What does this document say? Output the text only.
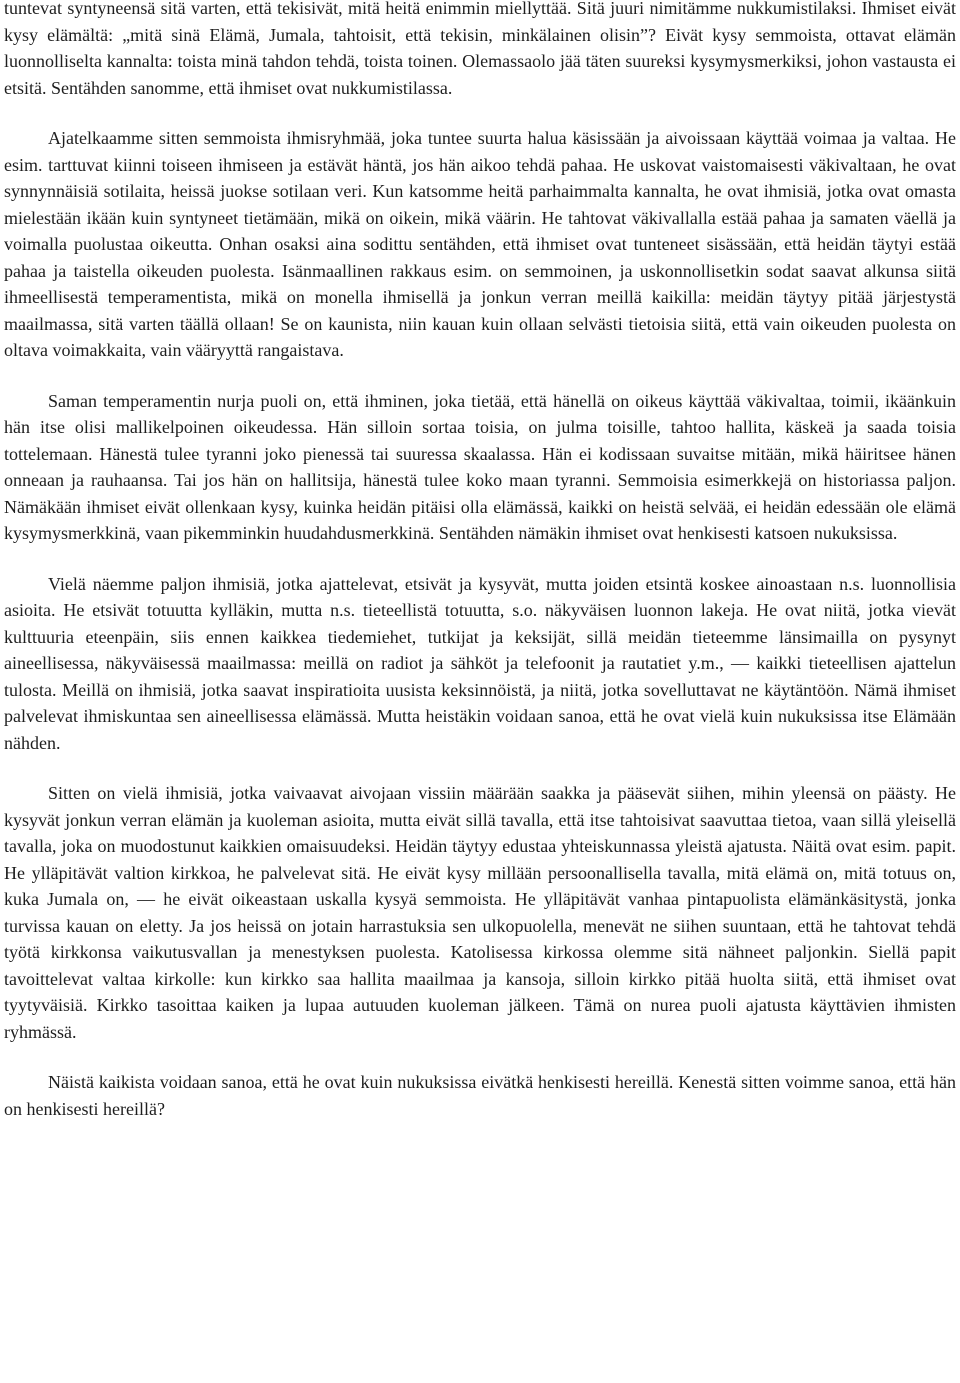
tuntevat syntyneensä sitä varten, että tekisivät, mitä heitä enimmin miellyttää. Sitä juuri nimitämme nukkumistilaksi. Ihmiset eivät kysy elämältä: „mitä sinä Elämä, Jumala, tahtoisit, että tekisin, minkälainen olisin”? Eivät kysy semmoista, ottavat elämän luonnolliselta kannalta: toista minä tahdon tehdä, toista toinen. Olemassaolo jää täten suureksi kysymysmerkiksi, johon vastausta ei etsitä. Sentähden sanomme, että ihmiset ovat nukkumistilassa.

Ajatelkaamme sitten semmoista ihmisryhmää, joka tuntee suurta halua käsissään ja aivoissaan käyttää voimaa ja valtaa. He esim. tarttuvat kiinni toiseen ihmiseen ja estävät häntä, jos hän aikoo tehdä pahaa. He uskovat vaistomaisesti väkivaltaan, he ovat synnynnäisiä sotilaita, heissä juokse sotilaan veri. Kun katsomme heitä parhaimmalta kannalta, he ovat ihmisiä, jotka ovat omasta mielestään ikään kuin syntyneet tietämään, mikä on oikein, mikä väärin. He tahtovat väkivallalla estää pahaa ja samaten väellä ja voimalla puolustaa oikeutta. Onhan osaksi aina sodittu sentähden, että ihmiset ovat tunteneet sisässään, että heidän täytyi estää pahaa ja taistella oikeuden puolesta. Isänmaallinen rakkaus esim. on semmoinen, ja uskonnollisetkin sodat saavat alkunsa siitä ihmeellisestä temperamentista, mikä on monella ihmisellä ja jonkun verran meillä kaikilla: meidän täytyy pitää järjestystä maailmassa, sitä varten täällä ollaan! Se on kaunista, niin kauan kuin ollaan selvästi tietoisia siitä, että vain oikeuden puolesta on oltava voimakkaita, vain vääryyttä rangaistava.

Saman temperamentin nurja puoli on, että ihminen, joka tietää, että hänellä on oikeus käyttää väkivaltaa, toimii, ikäänkuin hän itse olisi mallikelpoinen oikeudessa. Hän silloin sortaa toisia, on julma toisille, tahtoo hallita, käskeä ja saada toisia tottelemaan. Hänestä tulee tyranni joko pienessä tai suuressa skaalassa. Hän ei kodissaan suvaitse mitään, mikä häiritsee hänen onneaan ja rauhaansa. Tai jos hän on hallitsija, hänestä tulee koko maan tyranni. Semmoisia esimerkkejä on historiassa paljon. Nämäkään ihmiset eivät ollenkaan kysy, kuinka heidän pitäisi olla elämässä, kaikki on heistä selvää, ei heidän edessään ole elämä kysymysmerkkinä, vaan pikemminkin huudahdusmerkkinä. Sentähden nämäkin ihmiset ovat henkisesti katsoen nukuksissa.

Vielä näemme paljon ihmisiä, jotka ajattelevat, etsivät ja kysyvät, mutta joiden etsintä koskee ainoastaan n.s. luonnollisia asioita. He etsivät totuutta kylläkin, mutta n.s. tieteellistä totuutta, s.o. näkyväisen luonnon lakeja. He ovat niitä, jotka vievät kulttuuria eteenpäin, siis ennen kaikkea tiedemiehet, tutkijat ja keksijät, sillä meidän tieteemme länsimailla on pysynyt aineellisessa, näkyväisessä maailmassa: meillä on radiot ja sähköt ja telefoonit ja rautatiet y.m., — kaikki tieteellisen ajattelun tulosta. Meillä on ihmisiä, jotka saavat inspiratioita uusista keksinnöistä, ja niitä, jotka sovelluttavat ne käytäntöön. Nämä ihmiset palvelevat ihmiskuntaa sen aineellisessa elämässä. Mutta heistäkin voidaan sanoa, että he ovat vielä kuin nukuksissa itse Elämään nähden.

Sitten on vielä ihmisiä, jotka vaivaavat aivojaan vissiin määrään saakka ja pääsevät siihen, mihin yleensä on päästy. He kysyvät jonkun verran elämän ja kuoleman asioita, mutta eivät sillä tavalla, että itse tahtoisivat saavuttaa tietoa, vaan sillä yleisellä tavalla, joka on muodostunut kaikkien omaisuudeksi. Heidän täytyy edustaa yhteiskunnassa yleistä ajatusta. Näitä ovat esim. papit. He ylläpitävät valtion kirkkoa, he palvelevat sitä. He eivät kysy millään persoonallisella tavalla, mitä elämä on, mitä totuus on, kuka Jumala on, — he eivät oikeastaan uskalla kysyä semmoista. He ylläpitävät vanhaa pintapuolista elämänkäsitystä, jonka turvissa kauan on eletty. Ja jos heissä on jotain harrastuksia sen ulkopuolella, menevät ne siihen suuntaan, että he tahtovat tehdä työtä kirkkonsa vaikutusvallan ja menestyksen puolesta. Katolisessa kirkossa olemme sitä nähneet paljonkin. Siellä papit tavoittelevat valtaa kirkolle: kun kirkko saa hallita maailmaa ja kansoja, silloin kirkko pitää huolta siitä, että ihmiset ovat tyytyväisiä. Kirkko tasoittaa kaiken ja lupaa autuuden kuoleman jälkeen. Tämä on nurea puoli ajatusta käyttävien ihmisten ryhmässä.

Näistä kaikista voidaan sanoa, että he ovat kuin nukuksissa eivätkä henkisesti hereillä. Kenestä sitten voimme sanoa, että hän on henkisesti hereillä?
